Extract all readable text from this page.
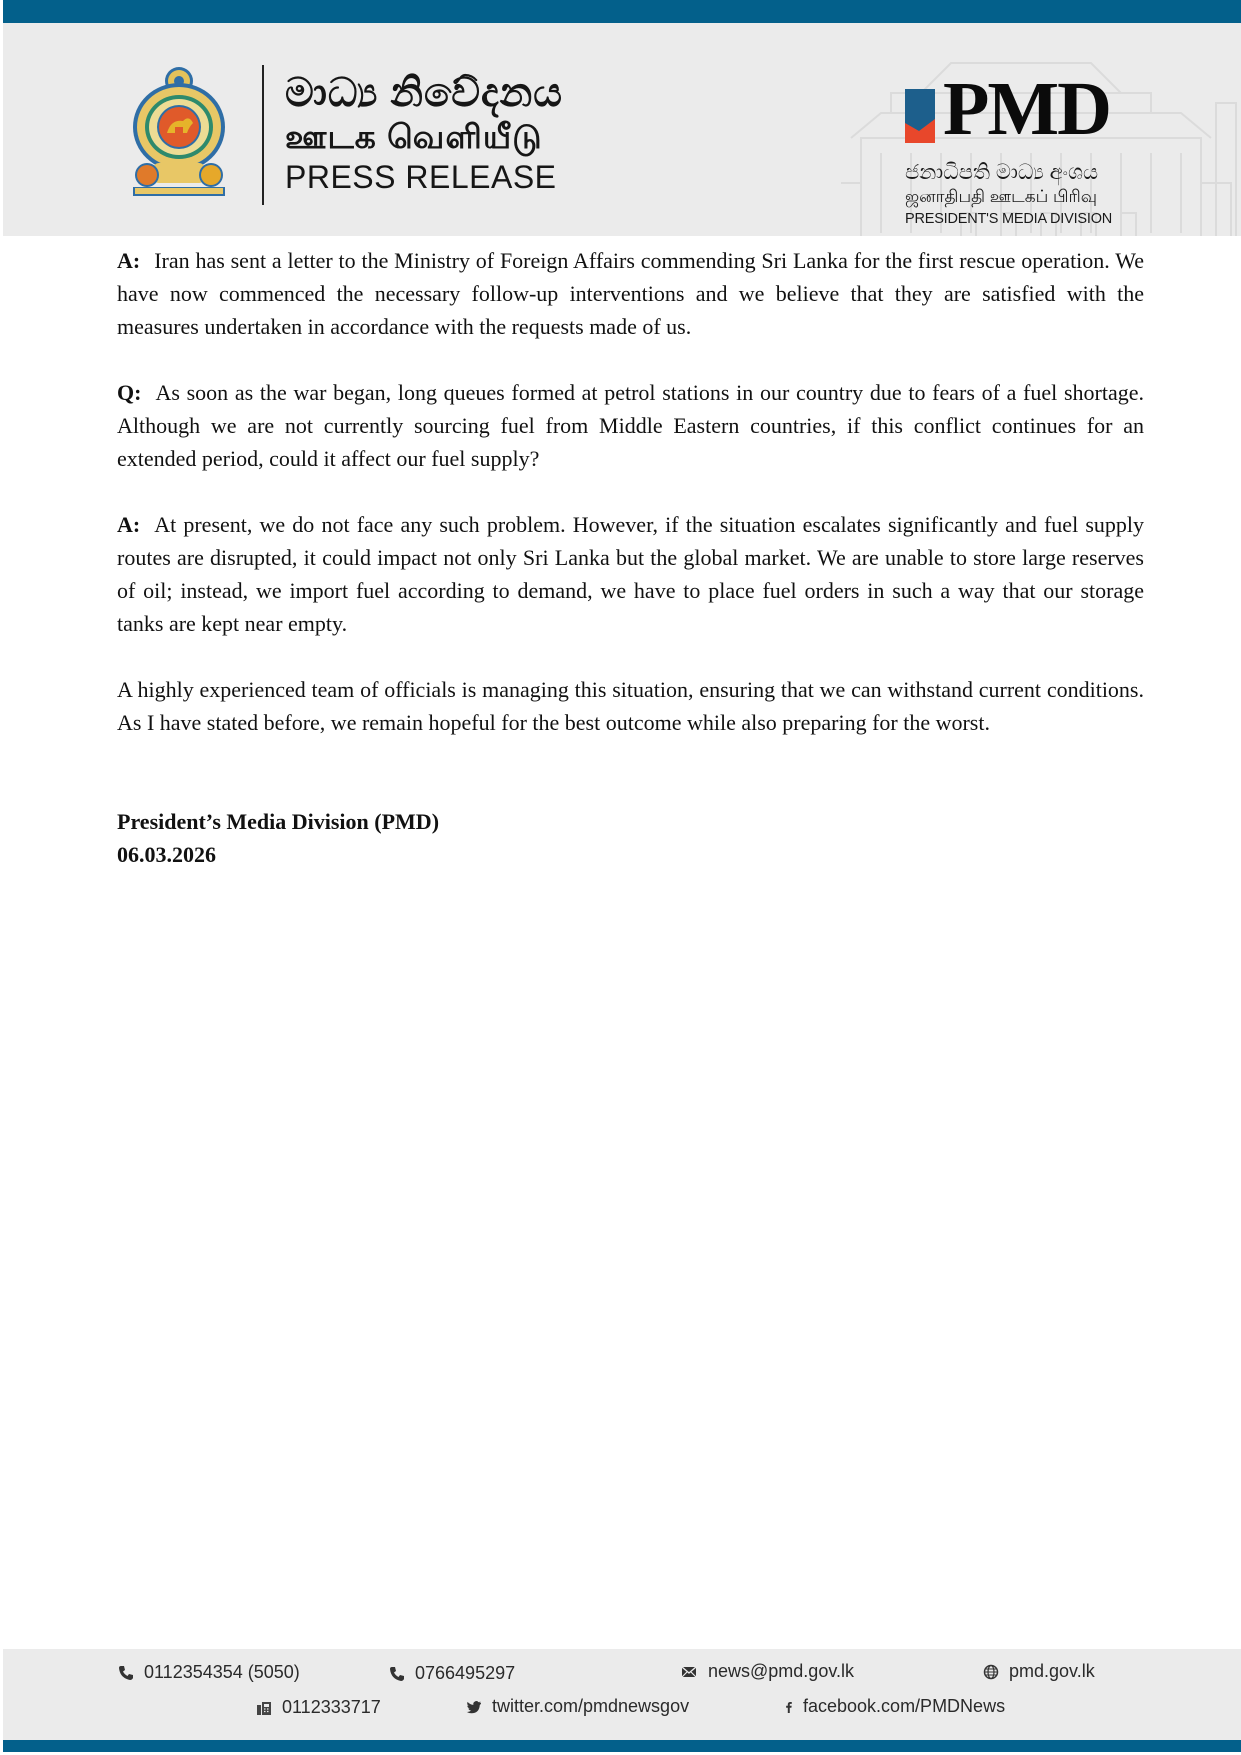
මාධ්‍ය නිවේදනය
ஊடக வெளியீடு
PRESS RELEASE
PMD
ජනාධිපති මාධ්‍ය අංශය
ஜனாதிபதி ஊடகப் பிரிவு
PRESIDENT'S MEDIA DIVISION

A: Iran has sent a letter to the Ministry of Foreign Affairs commending Sri Lanka for the first rescue operation. We have now commenced the necessary follow-up interventions and we believe that they are satisfied with the measures undertaken in accordance with the requests made of us.

Q: As soon as the war began, long queues formed at petrol stations in our country due to fears of a fuel shortage. Although we are not currently sourcing fuel from Middle Eastern countries, if this conflict continues for an extended period, could it affect our fuel supply?

A: At present, we do not face any such problem. However, if the situation escalates significantly and fuel supply routes are disrupted, it could impact not only Sri Lanka but the global market. We are unable to store large reserves of oil; instead, we import fuel according to demand, we have to place fuel orders in such a way that our storage tanks are kept near empty.

A highly experienced team of officials is managing this situation, ensuring that we can withstand current conditions. As I have stated before, we remain hopeful for the best outcome while also preparing for the worst.

President’s Media Division (PMD)
06.03.2026
0112354354 (5050)	0766495297	news@pmd.gov.lk	pmd.gov.lk
0112333717	twitter.com/pmdnewsgov	facebook.com/PMDNews
